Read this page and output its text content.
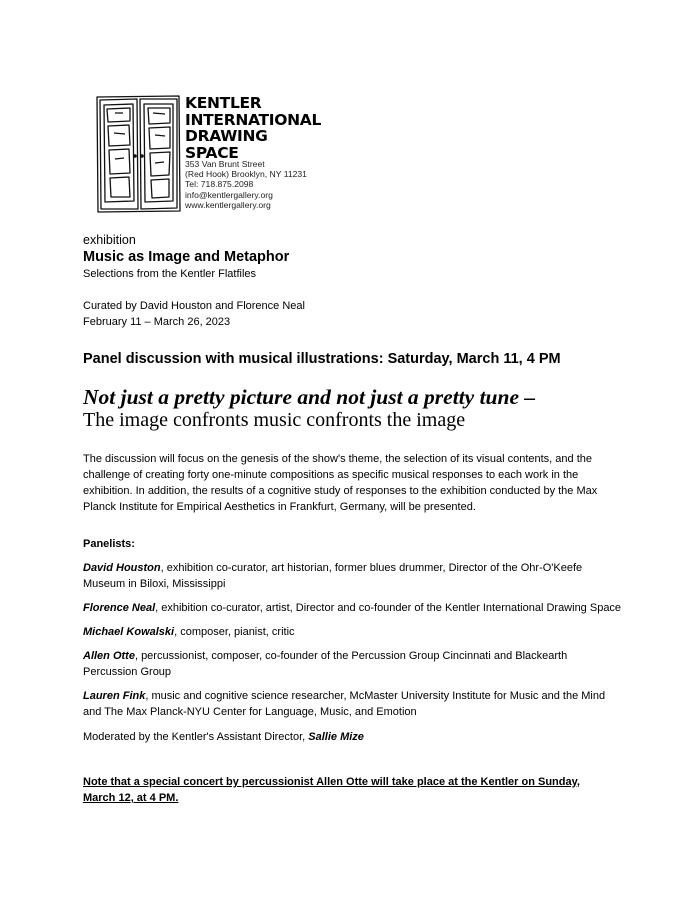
KENTLER
INTERNATIONAL
DRAWING
SPACE
353 Van Brunt Street
(Red Hook) Brooklyn, NY 11231
Tel: 718.875.2098
info@kentlergallery.org
www.kentlergallery.org
exhibition
Music as Image and Metaphor
Selections from the Kentler Flatfiles
Curated by David Houston and Florence Neal
February 11 – March 26, 2023
Panel discussion with musical illustrations: Saturday, March 11, 4 PM
Not just a pretty picture and not just a pretty tune –
The image confronts music confronts the image
The discussion will focus on the genesis of the show's theme, the selection of its visual contents, and the challenge of creating forty one-minute compositions as specific musical responses to each work in the exhibition. In addition, the results of a cognitive study of responses to the exhibition conducted by the Max Planck Institute for Empirical Aesthetics in Frankfurt, Germany, will be presented.
Panelists:
David Houston, exhibition co-curator, art historian, former blues drummer, Director of the Ohr-O'Keefe Museum in Biloxi, Mississippi
Florence Neal, exhibition co-curator, artist, Director and co-founder of the Kentler International Drawing Space
Michael Kowalski, composer, pianist, critic
Allen Otte, percussionist, composer, co-founder of the Percussion Group Cincinnati and Blackearth Percussion Group
Lauren Fink, music and cognitive science researcher, McMaster University Institute for Music and the Mind and The Max Planck-NYU Center for Language, Music, and Emotion
Moderated by the Kentler's Assistant Director, Sallie Mize
Note that a special concert by percussionist Allen Otte will take place at the Kentler on Sunday, March 12, at 4 PM.
